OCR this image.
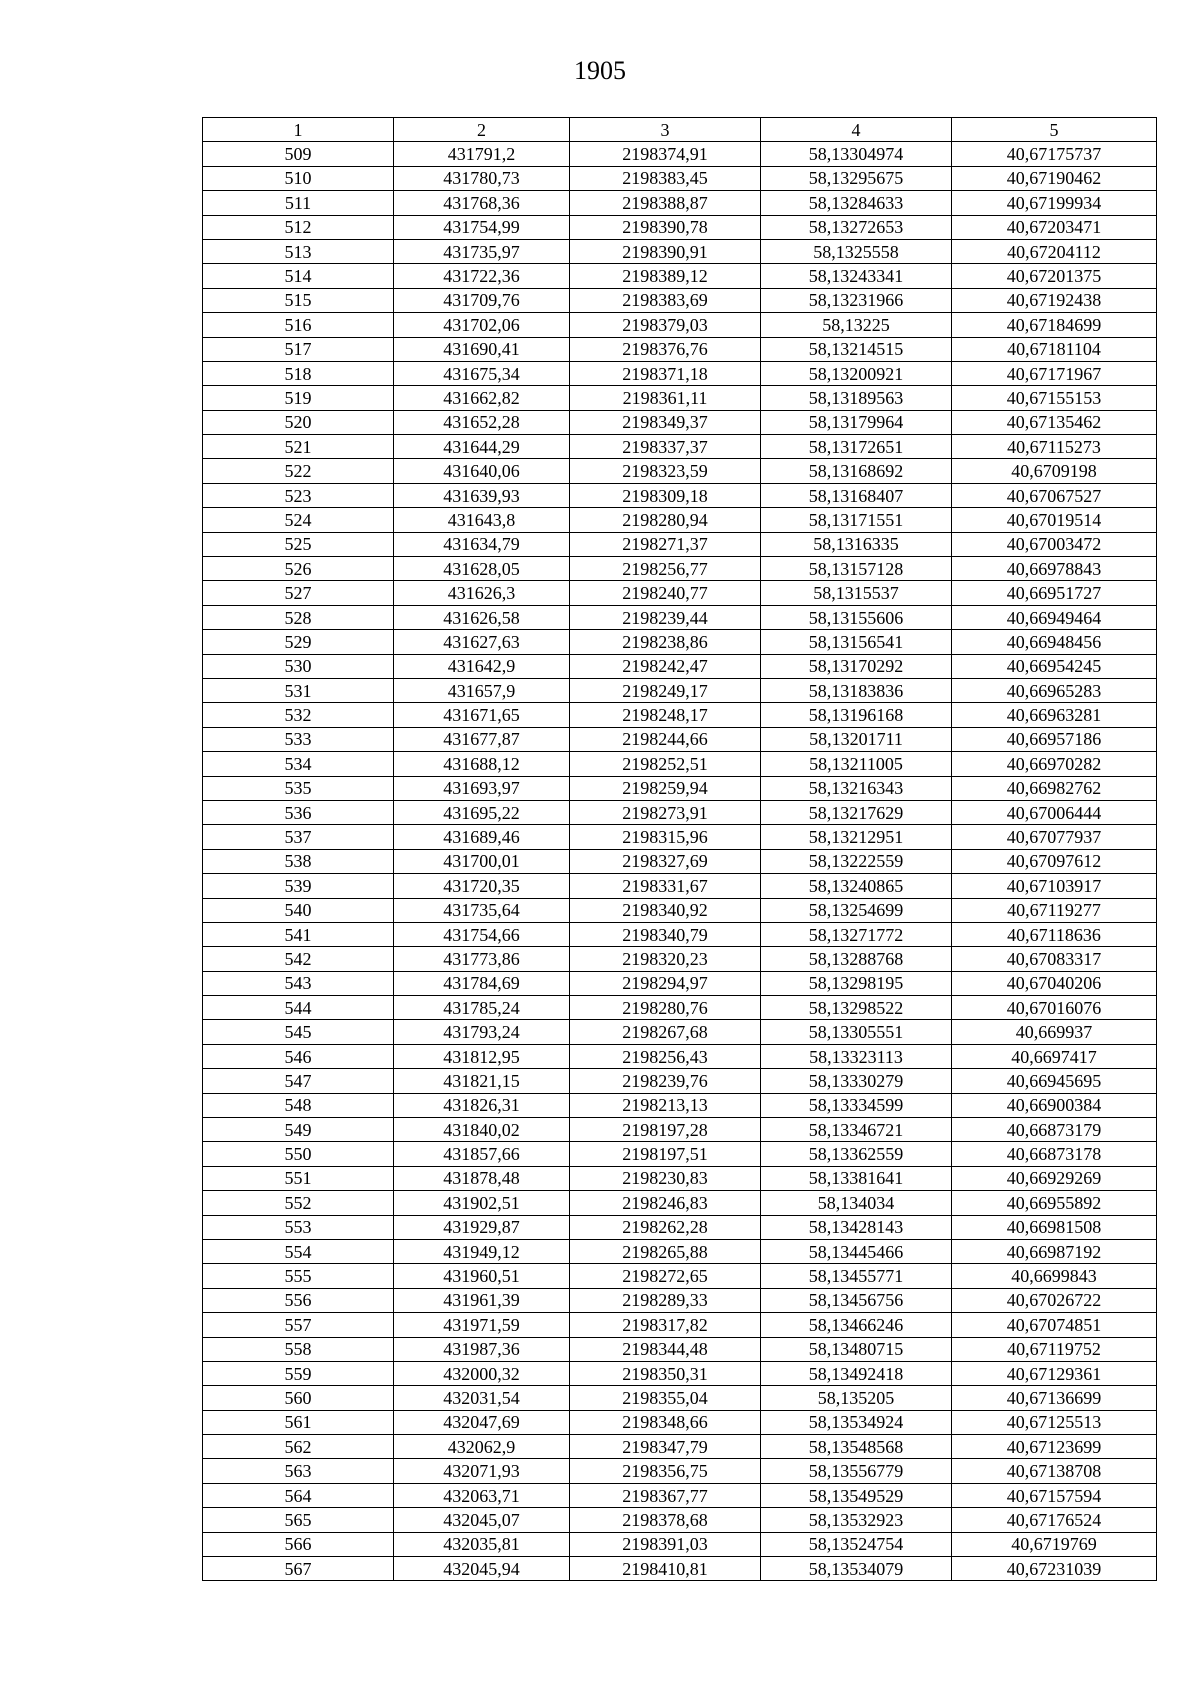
1905
1	2	3	4	5
509	431791,2	2198374,91	58,13304974	40,67175737
510	431780,73	2198383,45	58,13295675	40,67190462
511	431768,36	2198388,87	58,13284633	40,67199934
512	431754,99	2198390,78	58,13272653	40,67203471
513	431735,97	2198390,91	58,1325558	40,67204112
514	431722,36	2198389,12	58,13243341	40,67201375
515	431709,76	2198383,69	58,13231966	40,67192438
516	431702,06	2198379,03	58,13225	40,67184699
517	431690,41	2198376,76	58,13214515	40,67181104
518	431675,34	2198371,18	58,13200921	40,67171967
519	431662,82	2198361,11	58,13189563	40,67155153
520	431652,28	2198349,37	58,13179964	40,67135462
521	431644,29	2198337,37	58,13172651	40,67115273
522	431640,06	2198323,59	58,13168692	40,6709198
523	431639,93	2198309,18	58,13168407	40,67067527
524	431643,8	2198280,94	58,13171551	40,67019514
525	431634,79	2198271,37	58,1316335	40,67003472
526	431628,05	2198256,77	58,13157128	40,66978843
527	431626,3	2198240,77	58,1315537	40,66951727
528	431626,58	2198239,44	58,13155606	40,66949464
529	431627,63	2198238,86	58,13156541	40,66948456
530	431642,9	2198242,47	58,13170292	40,66954245
531	431657,9	2198249,17	58,13183836	40,66965283
532	431671,65	2198248,17	58,13196168	40,66963281
533	431677,87	2198244,66	58,13201711	40,66957186
534	431688,12	2198252,51	58,13211005	40,66970282
535	431693,97	2198259,94	58,13216343	40,66982762
536	431695,22	2198273,91	58,13217629	40,67006444
537	431689,46	2198315,96	58,13212951	40,67077937
538	431700,01	2198327,69	58,13222559	40,67097612
539	431720,35	2198331,67	58,13240865	40,67103917
540	431735,64	2198340,92	58,13254699	40,67119277
541	431754,66	2198340,79	58,13271772	40,67118636
542	431773,86	2198320,23	58,13288768	40,67083317
543	431784,69	2198294,97	58,13298195	40,67040206
544	431785,24	2198280,76	58,13298522	40,67016076
545	431793,24	2198267,68	58,13305551	40,669937
546	431812,95	2198256,43	58,13323113	40,6697417
547	431821,15	2198239,76	58,13330279	40,66945695
548	431826,31	2198213,13	58,13334599	40,66900384
549	431840,02	2198197,28	58,13346721	40,66873179
550	431857,66	2198197,51	58,13362559	40,66873178
551	431878,48	2198230,83	58,13381641	40,66929269
552	431902,51	2198246,83	58,134034	40,66955892
553	431929,87	2198262,28	58,13428143	40,66981508
554	431949,12	2198265,88	58,13445466	40,66987192
555	431960,51	2198272,65	58,13455771	40,6699843
556	431961,39	2198289,33	58,13456756	40,67026722
557	431971,59	2198317,82	58,13466246	40,67074851
558	431987,36	2198344,48	58,13480715	40,67119752
559	432000,32	2198350,31	58,13492418	40,67129361
560	432031,54	2198355,04	58,135205	40,67136699
561	432047,69	2198348,66	58,13534924	40,67125513
562	432062,9	2198347,79	58,13548568	40,67123699
563	432071,93	2198356,75	58,13556779	40,67138708
564	432063,71	2198367,77	58,13549529	40,67157594
565	432045,07	2198378,68	58,13532923	40,67176524
566	432035,81	2198391,03	58,13524754	40,6719769
567	432045,94	2198410,81	58,13534079	40,67231039
